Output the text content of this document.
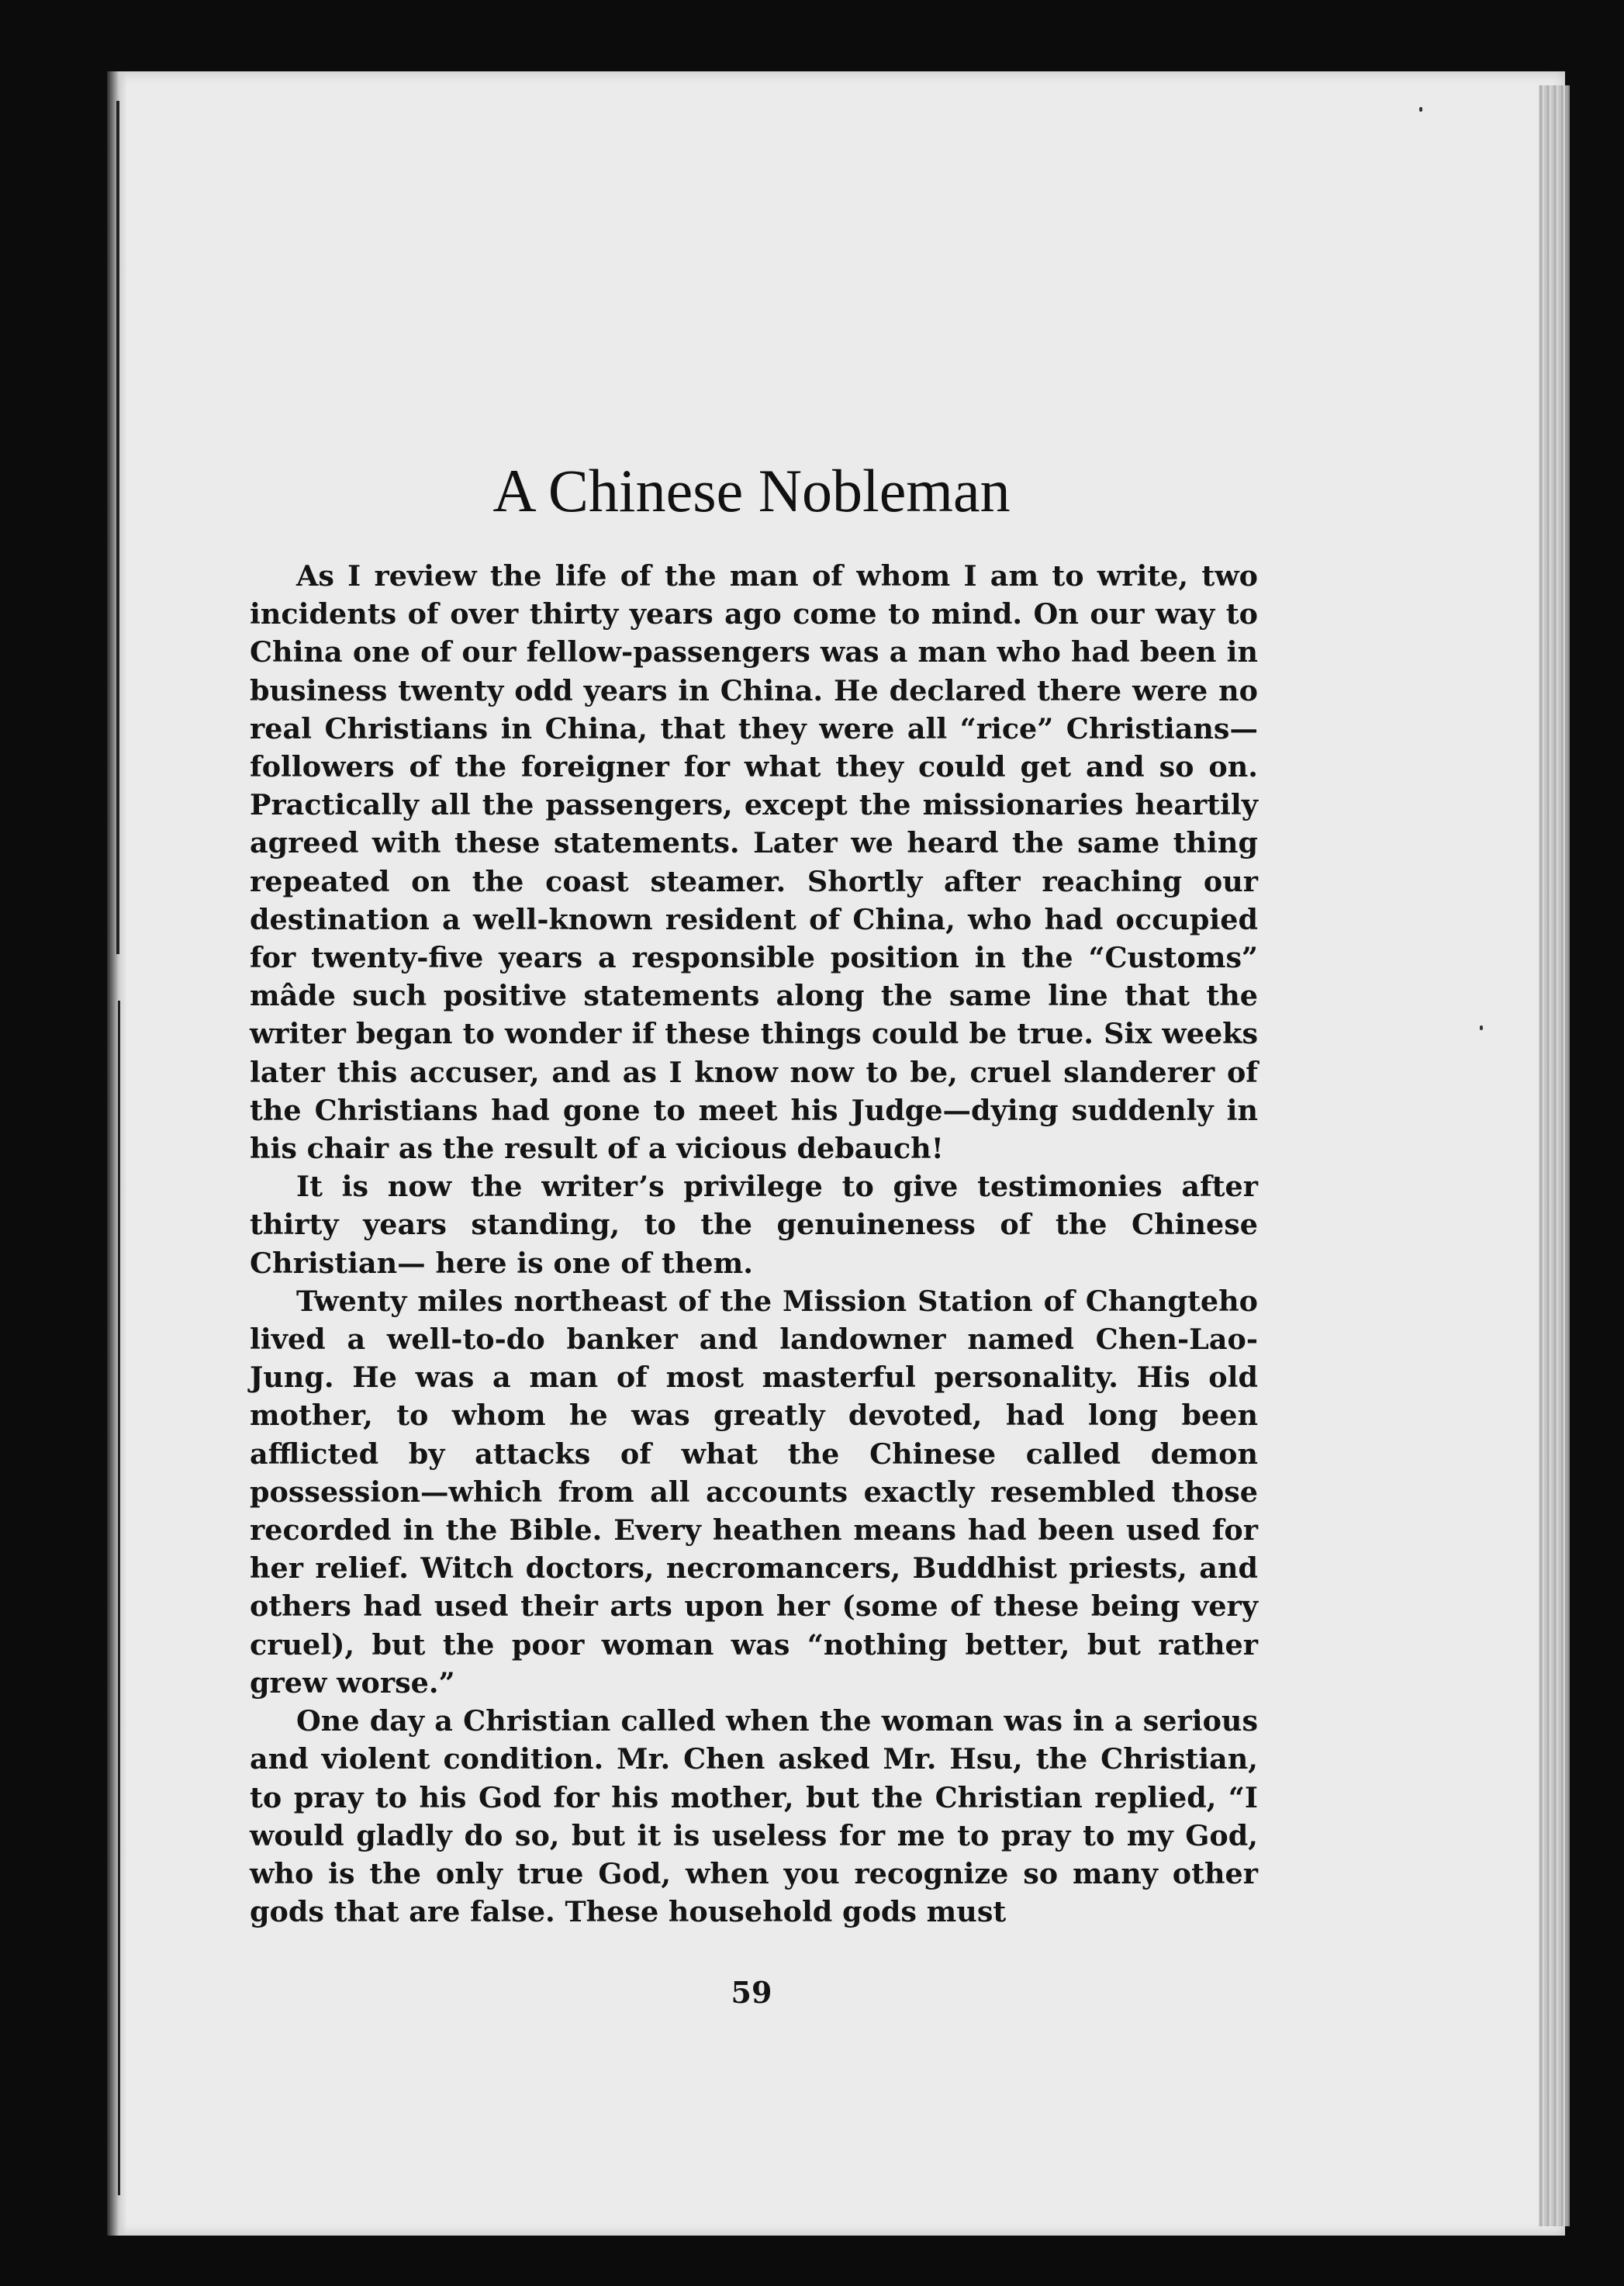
A Chinese Nobleman

As I review the life of the man of whom I am to write, two incidents of over thirty years ago come to mind. On our way to China one of our fellow-passengers was a man who had been in business twenty odd years in China. He declared there were no real Christians in China, that they were all “rice” Christians—followers of the foreigner for what they could get and so on. Practically all the passengers, except the missionaries heartily agreed with these statements. Later we heard the same thing repeated on the coast steamer. Shortly after reaching our destination a well-known resident of China, who had occupied for twenty-five years a responsible position in the “Customs” mâde such positive statements along the same line that the writer began to wonder if these things could be true. Six weeks later this accuser, and as I know now to be, cruel slanderer of the Christians had gone to meet his Judge—dying suddenly in his chair as the result of a vicious debauch!

It is now the writer’s privilege to give testimonies after thirty years standing, to the genuineness of the Chinese Christian— here is one of them.

Twenty miles northeast of the Mission Station of Changteho lived a well-to-do banker and landowner named Chen-Lao-Jung. He was a man of most masterful personality. His old mother, to whom he was greatly devoted, had long been afflicted by attacks of what the Chinese called demon possession—which from all accounts exactly resembled those recorded in the Bible. Every heathen means had been used for her relief. Witch doctors, necromancers, Buddhist priests, and others had used their arts upon her (some of these being very cruel), but the poor woman was “nothing better, but rather grew worse.”

One day a Christian called when the woman was in a serious and violent condition. Mr. Chen asked Mr. Hsu, the Christian, to pray to his God for his mother, but the Christian replied, “I would gladly do so, but it is useless for me to pray to my God, who is the only true God, when you recognize so many other gods that are false. These household gods must

59
